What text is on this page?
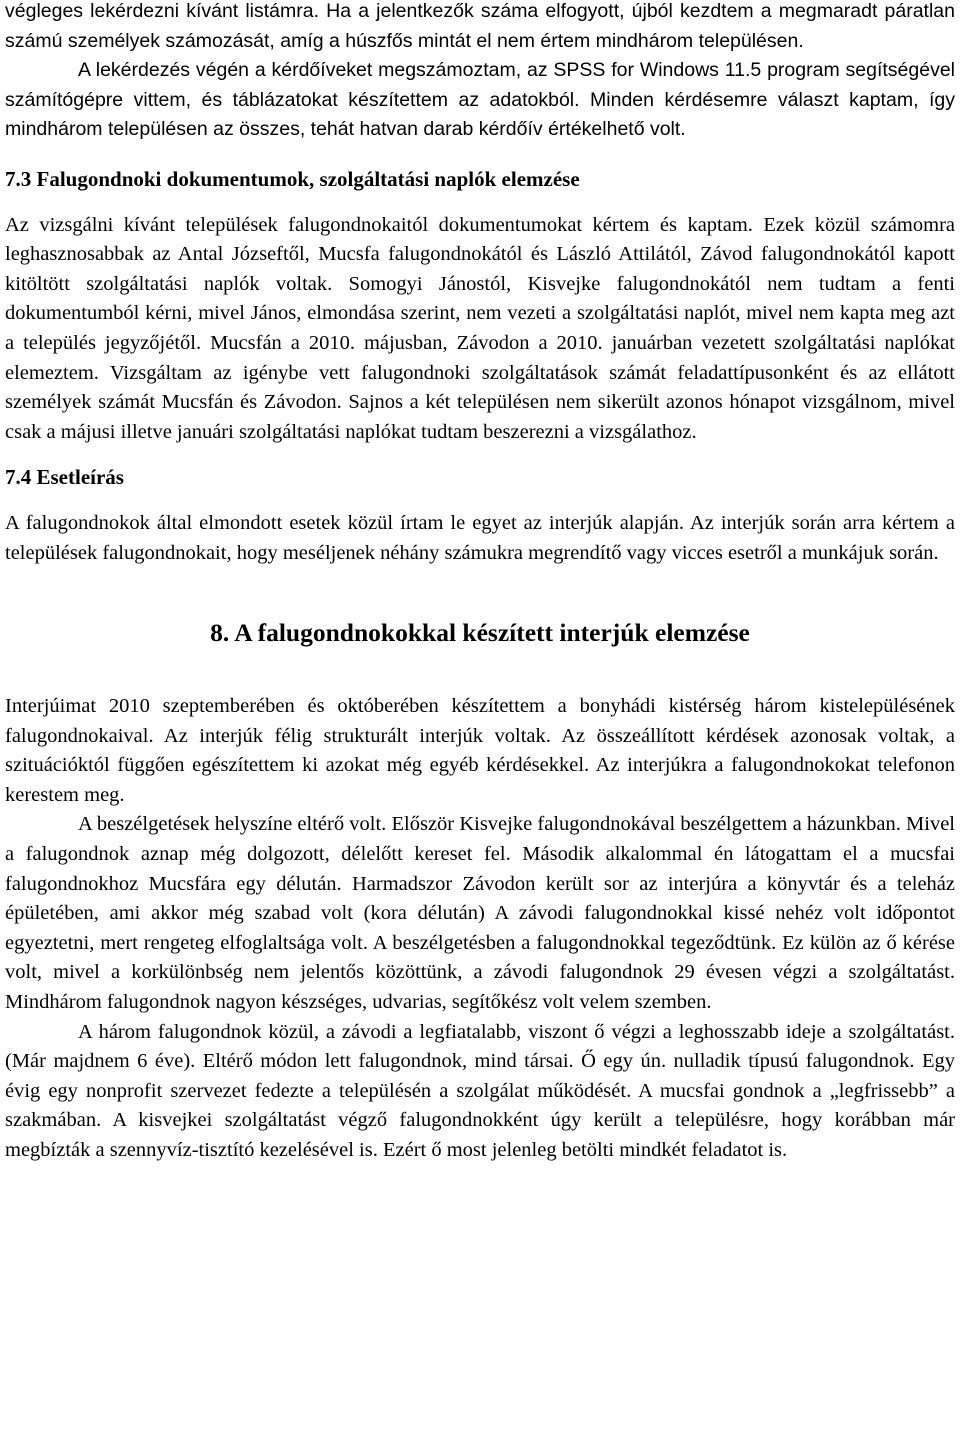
végleges lekérdezni kívánt listámra. Ha a jelentkezők száma elfogyott, újból kezdtem a megmaradt páratlan számú személyek számozását, amíg a húszfős mintát el nem értem mindhárom településen.

A lekérdezés végén a kérdőíveket megszámoztam, az SPSS for Windows 11.5 program segítségével számítógépre vittem, és táblázatokat készítettem az adatokból. Minden kérdésemre választ kaptam, így mindhárom településen az összes, tehát hatvan darab kérdőív értékelhető volt.

7.3 Falugondnoki dokumentumok, szolgáltatási naplók elemzése

Az vizsgálni kívánt települések falugondnokaitól dokumentumokat kértem és kaptam. Ezek közül számomra leghasznosabbak az Antal Józseftől, Mucsfa falugondnokától és László Attilától, Závod falugondnokától kapott kitöltött szolgáltatási naplók voltak. Somogyi Jánostól, Kisvejke falugondnokától nem tudtam a fenti dokumentumból kérni, mivel János, elmondása szerint, nem vezeti a szolgáltatási naplót, mivel nem kapta meg azt a település jegyzőjétől. Mucsfán a 2010. májusban, Závodon a 2010. januárban vezetett szolgáltatási naplókat elemeztem. Vizsgáltam az igénybe vett falugondnoki szolgáltatások számát feladattípusonként és az ellátott személyek számát Mucsfán és Závodon. Sajnos a két településen nem sikerült azonos hónapot vizsgálnom, mivel csak a májusi illetve januári szolgáltatási naplókat tudtam beszerezni a vizsgálathoz.

7.4 Esetleírás

A falugondnokok által elmondott esetek közül írtam le egyet az interjúk alapján. Az interjúk során arra kértem a települések falugondnokait, hogy meséljenek néhány számukra megrendítő vagy vicces esetről a munkájuk során.

8. A falugondnokokkal készített interjúk elemzése

Interjúimat 2010 szeptemberében és októberében készítettem a bonyhádi kistérség három kistelepülésének falugondnokaival. Az interjúk félig strukturált interjúk voltak. Az összeállított kérdések azonosak voltak, a szituációktól függően egészítettem ki azokat még egyéb kérdésekkel. Az interjúkra a falugondnokokat telefonon kerestem meg.

A beszélgetések helyszíne eltérő volt. Először Kisvejke falugondnokával beszélgettem a házunkban. Mivel a falugondnok aznap még dolgozott, délelőtt kereset fel. Második alkalommal én látogattam el a mucsfai falugondnokhoz Mucsfára egy délután. Harmadszor Závodon került sor az interjúra a könyvtár és a teleház épületében, ami akkor még szabad volt (kora délután) A závodi falugondnokkal kissé nehéz volt időpontot egyeztetni, mert rengeteg elfoglaltsága volt. A beszélgetésben a falugondnokkal tegeződtünk. Ez külön az ő kérése volt, mivel a korkülönbség nem jelentős közöttünk, a závodi falugondnok 29 évesen végzi a szolgáltatást. Mindhárom falugondnok nagyon készséges, udvarias, segítőkész volt velem szemben.

A három falugondnok közül, a závodi a legfiatalabb, viszont ő végzi a leghosszabb ideje a szolgáltatást. (Már majdnem 6 éve). Eltérő módon lett falugondnok, mind társai. Ő egy ún. nulladik típusú falugondnok. Egy évig egy nonprofit szervezet fedezte a településén a szolgálat működését. A mucsfai gondnok a „legfrissebb” a szakmában. A kisvejkei szolgáltatást végző falugondnokként úgy került a településre, hogy korábban már megbízták a szennyvíz-tisztító kezelésével is. Ezért ő most jelenleg betölti mindkét feladatot is.
